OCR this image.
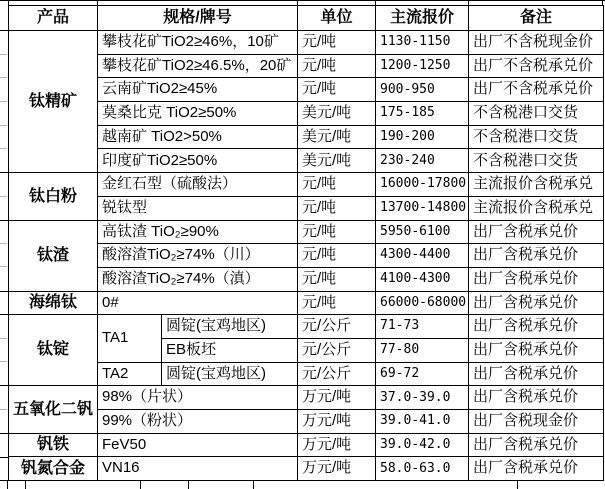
产品	规格/牌号		单位	主流报价	备注
钛精矿	攀枝花矿TiO2≥46%，10矿		元/吨	1130-1150	出厂不含税现金价
	攀枝花矿TiO2≥46.5%，20矿		元/吨	1200-1250	出厂不含税承兑价
	云南矿TiO2≥45%		元/吨	900-950	出厂不含税承兑价
	莫桑比克 TiO2≥50%		美元/吨	175-185	不含税港口交货
	越南矿 TiO2>50%		美元/吨	190-200	不含税港口交货
	印度矿TiO2≥50%		美元/吨	230-240	不含税港口交货
钛白粉	金红石型（硫酸法）		元/吨	16000-17800	主流报价含税承兑
	锐钛型		元/吨	13700-14800	主流报价含税承兑
钛渣	高钛渣 TiO₂≥90%		元/吨	5950-6100	出厂含税承兑价
	酸溶渣TiO₂≥74%（川）		元/吨	4300-4400	出厂含税承兑价
	酸溶渣TiO₂≥74%（滇）		元/吨	4100-4300	出厂含税承兑价
海绵钛	0#		元/吨	66000-68000	出厂含税承兑价
钛锭	TA1	圆锭(宝鸡地区)	元/公斤	71-73	出厂含税承兑价
		EB板坯	元/公斤	77-80	出厂含税承兑价
	TA2	圆锭(宝鸡地区)	元/公斤	69-72	出厂含税承兑价
五氧化二钒	98%（片状）		万元/吨	37.0-39.0	出厂含税承兑价
	99%（粉状）		万元/吨	39.0-41.0	出厂含税现金价
钒铁	FeV50		万元/吨	39.0-42.0	出厂含税承兑价
钒氮合金	VN16		万元/吨	58.0-63.0	出厂含税承兑价
